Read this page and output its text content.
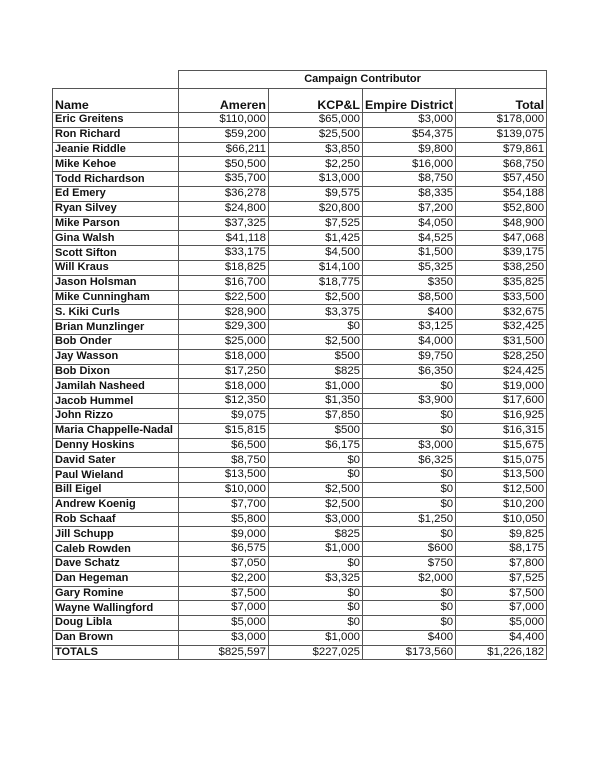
	Campaign Contributor			
Name	Ameren	KCP&L	Empire District	Total
Eric Greitens	$110,000	$65,000	$3,000	$178,000
Ron Richard	$59,200	$25,500	$54,375	$139,075
Jeanie Riddle	$66,211	$3,850	$9,800	$79,861
Mike Kehoe	$50,500	$2,250	$16,000	$68,750
Todd Richardson	$35,700	$13,000	$8,750	$57,450
Ed Emery	$36,278	$9,575	$8,335	$54,188
Ryan Silvey	$24,800	$20,800	$7,200	$52,800
Mike Parson	$37,325	$7,525	$4,050	$48,900
Gina Walsh	$41,118	$1,425	$4,525	$47,068
Scott Sifton	$33,175	$4,500	$1,500	$39,175
Will Kraus	$18,825	$14,100	$5,325	$38,250
Jason Holsman	$16,700	$18,775	$350	$35,825
Mike Cunningham	$22,500	$2,500	$8,500	$33,500
S. Kiki Curls	$28,900	$3,375	$400	$32,675
Brian Munzlinger	$29,300	$0	$3,125	$32,425
Bob Onder	$25,000	$2,500	$4,000	$31,500
Jay Wasson	$18,000	$500	$9,750	$28,250
Bob Dixon	$17,250	$825	$6,350	$24,425
Jamilah Nasheed	$18,000	$1,000	$0	$19,000
Jacob Hummel	$12,350	$1,350	$3,900	$17,600
John Rizzo	$9,075	$7,850	$0	$16,925
Maria Chappelle-Nadal	$15,815	$500	$0	$16,315
Denny Hoskins	$6,500	$6,175	$3,000	$15,675
David Sater	$8,750	$0	$6,325	$15,075
Paul Wieland	$13,500	$0	$0	$13,500
Bill Eigel	$10,000	$2,500	$0	$12,500
Andrew Koenig	$7,700	$2,500	$0	$10,200
Rob Schaaf	$5,800	$3,000	$1,250	$10,050
Jill Schupp	$9,000	$825	$0	$9,825
Caleb Rowden	$6,575	$1,000	$600	$8,175
Dave Schatz	$7,050	$0	$750	$7,800
Dan Hegeman	$2,200	$3,325	$2,000	$7,525
Gary Romine	$7,500	$0	$0	$7,500
Wayne Wallingford	$7,000	$0	$0	$7,000
Doug Libla	$5,000	$0	$0	$5,000
Dan Brown	$3,000	$1,000	$400	$4,400
TOTALS	$825,597	$227,025	$173,560	$1,226,182
